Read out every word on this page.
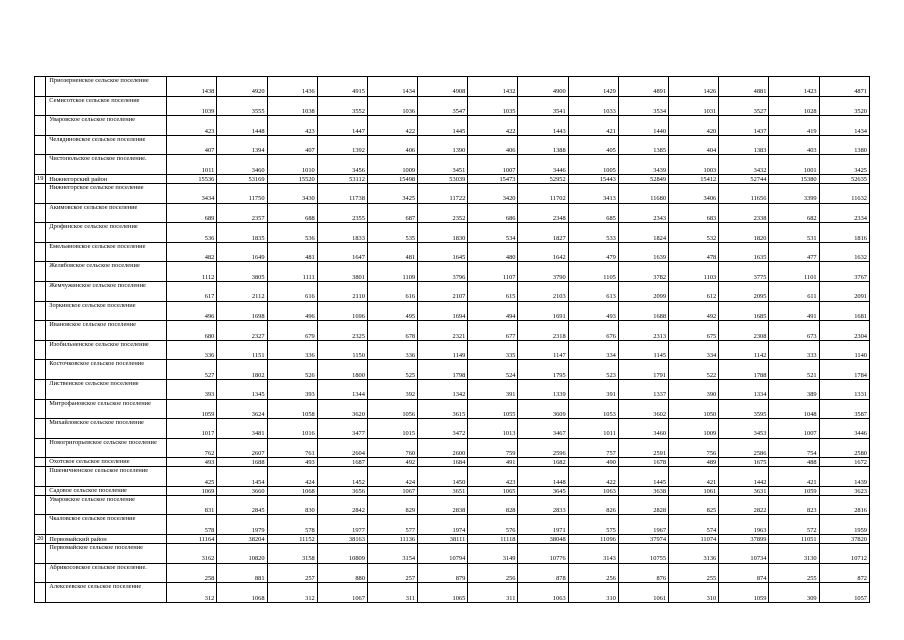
	Приозерненское сельское поселение	1438	4920	1436	4915	1434	4908	1432	4900	1429	4891	1426	4881	1423	4871
	Семисотское сельское поселение	1039	3555	1038	3552	1036	3547	1035	3541	1033	3534	1031	3527	1028	3520
	Уваровское сельское поселение	423	1448	423	1447	422	1445	422	1443	421	1440	420	1437	419	1434
	Челядиновское сельское поселение	407	1394	407	1392	406	1390	406	1388	405	1385	404	1383	403	1380
	Чистопольское сельское поселение.	1011	3460	1010	3456	1009	3451	1007	3446	1005	3439	1003	3432	1001	3425
19	Нижнегорский район	15536	53169	15520	53112	15498	53039	15473	52952	15443	52849	15412	52744	15380	52635
	Нижнегорское сельское поселение	3434	11750	3430	11738	3425	11722	3420	11702	3413	11680	3406	11656	3399	11632
	Акимовское сельское поселение	689	2357	688	2355	687	2352	686	2348	685	2343	683	2338	682	2334
	Дрофинское сельское поселение	536	1835	536	1833	535	1830	534	1827	533	1824	532	1820	531	1816
	Емельяновское сельское поселение	482	1649	481	1647	481	1645	480	1642	479	1639	478	1635	477	1632
	Желябовское сельское поселение	1112	3805	1111	3801	1109	3796	1107	3790	1105	3782	1103	3775	1101	3767
	Жемчужинское сельское поселение	617	2112	616	2110	616	2107	615	2103	613	2099	612	2095	611	2091
	Зоркинское сельское поселение	496	1698	496	1696	495	1694	494	1691	493	1688	492	1685	491	1681
	Ивановское сельское поселение	680	2327	679	2325	678	2321	677	2318	676	2313	675	2308	673	2304
	Изобильненское сельское поселение	336	1151	336	1150	336	1149	335	1147	334	1145	334	1142	333	1140
	Косточковское сельское поселение	527	1802	526	1800	525	1798	524	1795	523	1791	522	1788	521	1784
	Лиственское сельское поселение	393	1345	393	1344	392	1342	391	1339	391	1337	390	1334	389	1331
	Митрофановское сельское поселение	1059	3624	1058	3620	1056	3615	1055	3609	1053	3602	1050	3595	1048	3587
	Михайловское сельское поселение	1017	3481	1016	3477	1015	3472	1013	3467	1011	3460	1009	3453	1007	3446
	Новогригорьевское сельское поселение	762	2607	761	2604	760	2600	759	2596	757	2591	756	2586	754	2580
	Охотское сельское поселение	493	1688	493	1687	492	1684	491	1682	490	1678	489	1675	488	1672
	Пшеничненское сельское поселение	425	1454	424	1452	424	1450	423	1448	422	1445	421	1442	421	1439
	Садовое сельское поселение	1069	3660	1068	3656	1067	3651	1065	3645	1063	3638	1061	3631	1059	3623
	Уваровское сельское поселение	831	2845	830	2842	829	2838	828	2833	826	2828	825	2822	823	2816
	Чкаловское сельское поселение	578	1979	578	1977	577	1974	576	1971	575	1967	574	1963	572	1959
20	Первомайский район	11164	38204	11152	38163	11136	38111	11118	38048	11096	37974	11074	37899	11051	37820
	Первомайское сельское поселение	3162	10820	3158	10809	3154	10794	3149	10776	3143	10755	3136	10734	3130	10712
	Абрикосовское сельское поселение.	258	881	257	880	257	879	256	878	256	876	255	874	255	872
	Алексеевское сельское поселение	312	1068	312	1067	311	1065	311	1063	310	1061	310	1059	309	1057
